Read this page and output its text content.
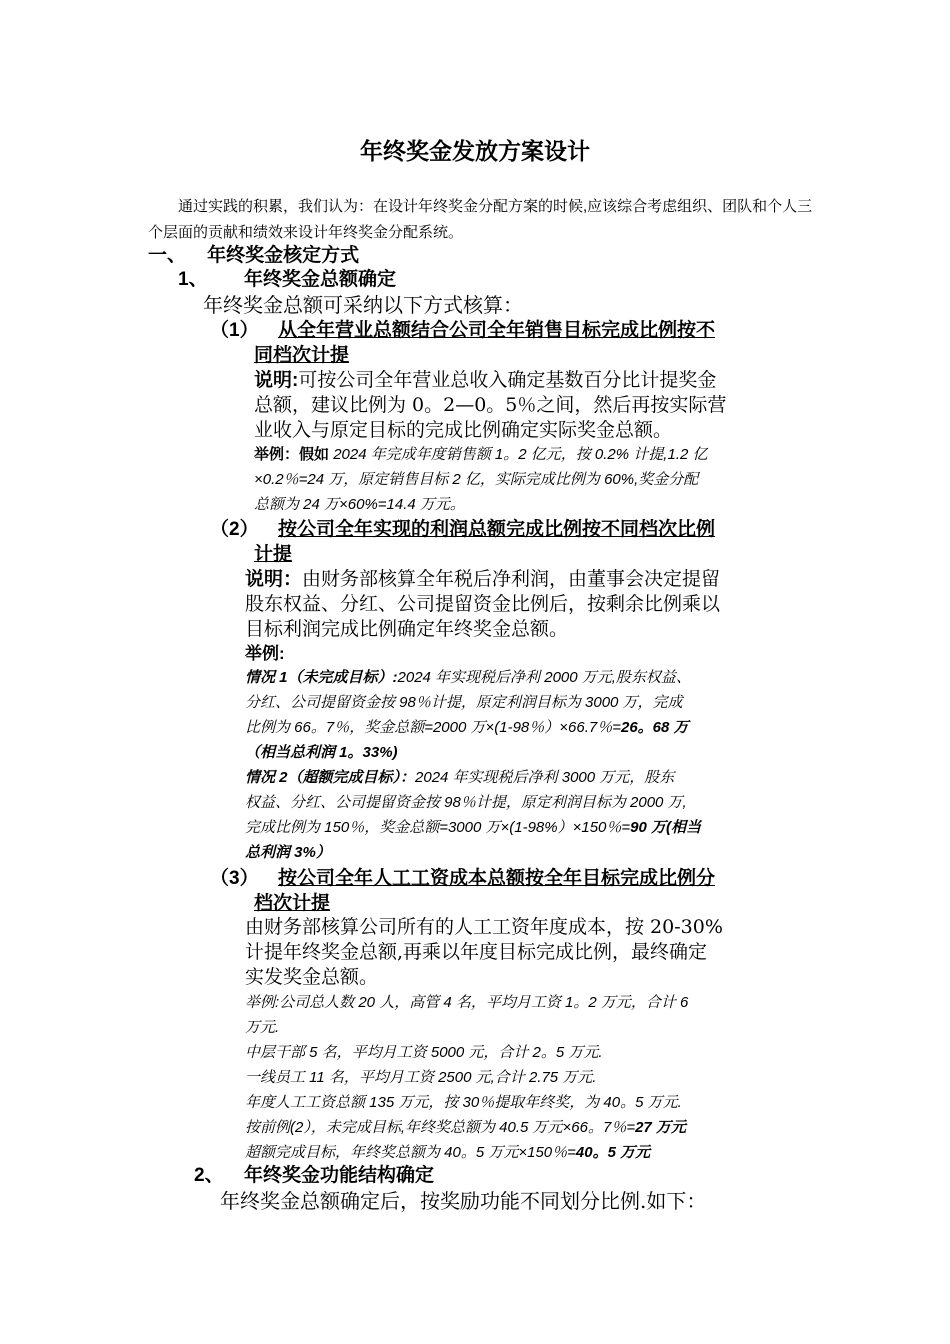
年终奖金发放方案设计

通过实践的积累，我们认为：在设计年终奖金分配方案的时候,应该综合考虑组织、团队和个人三个层面的贡献和绩效来设计年终奖金分配系统。

一、 年终奖金核定方式
1、 年终奖金总额确定
年终奖金总额可采纳以下方式核算：
（1） 从全年营业总额结合公司全年销售目标完成比例按不
同档次计提
说明:可按公司全年营业总收入确定基数百分比计提奖金
总额，建议比例为 0。2—0。5％之间，然后再按实际营
业收入与原定目标的完成比例确定实际奖金总额。
举例：假如 2024 年完成年度销售额 1。2 亿元，按 0.2% 计提,1.2 亿
×0.2％=24 万，原定销售目标 2 亿，实际完成比例为 60%,奖金分配
总额为 24 万×60%=14.4 万元。
（2） 按公司全年实现的利润总额完成比例按不同档次比例
计提
说明：由财务部核算全年税后净利润，由董事会决定提留
股东权益、分红、公司提留资金比例后，按剩余比例乘以
目标利润完成比例确定年终奖金总额。
举例:
情况 1（未完成目标）:2024 年实现税后净利 2000 万元,股东权益、
分红、公司提留资金按 98％计提，原定利润目标为 3000 万，完成
比例为 66。7％，奖金总额=2000 万×(1-98％）×66.7％=26。68 万
（相当总利润 1。33%)
情况 2（超额完成目标）：2024 年实现税后净利 3000 万元，股东
权益、分红、公司提留资金按 98％计提，原定利润目标为 2000 万,
完成比例为 150％，奖金总额=3000 万×(1-98%）×150％=90 万(相当
总利润 3%）
（3） 按公司全年人工工资成本总额按全年目标完成比例分
档次计提
由财务部核算公司所有的人工工资年度成本，按 20-30%
计提年终奖金总额,再乘以年度目标完成比例，最终确定
实发奖金总额。
举例:公司总人数 20 人，高管 4 名，平均月工资 1。2 万元，合计 6
万元.
中层干部 5 名，平均月工资 5000 元，合计 2。5 万元.
一线员工 11 名，平均月工资 2500 元,合计 2.75 万元.
年度人工工资总额 135 万元，按 30％提取年终奖，为 40。5 万元.
按前例(2），未完成目标,年终奖总额为 40.5 万元×66。7％=27 万元
超额完成目标，年终奖总额为 40。5 万元×150％=40。5 万元
2、 年终奖金功能结构确定
年终奖金总额确定后，按奖励功能不同划分比例.如下：
